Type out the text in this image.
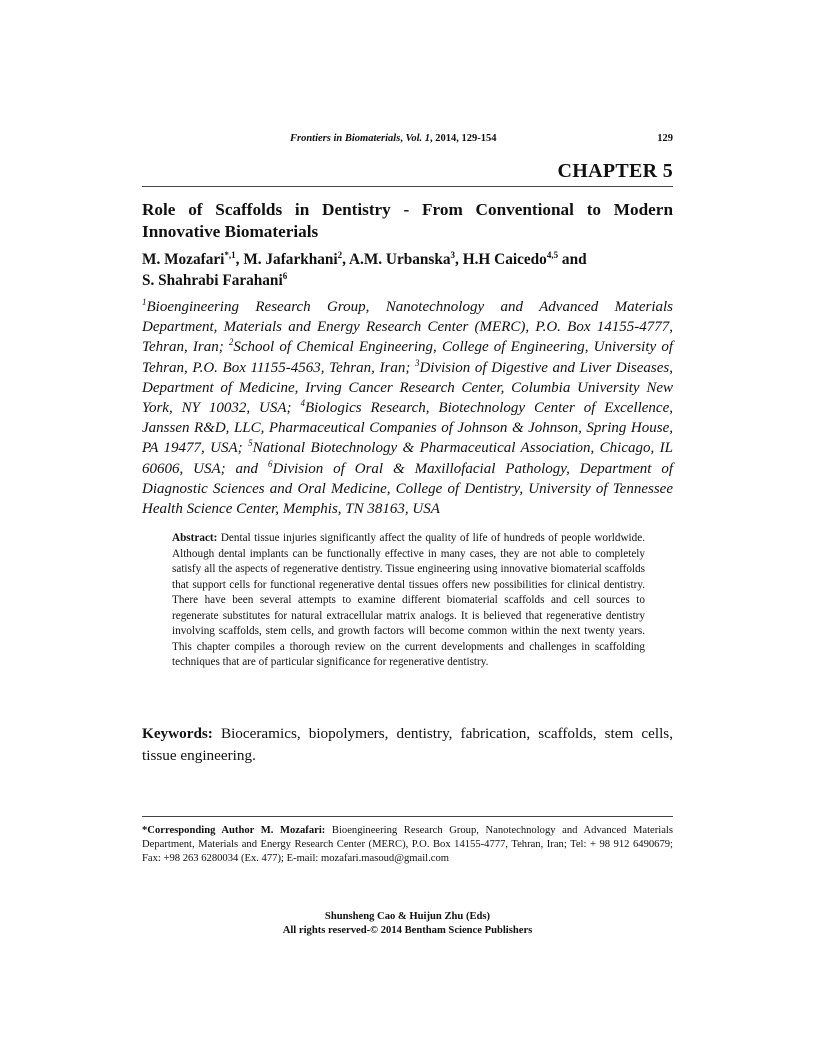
Frontiers in Biomaterials, Vol. 1, 2014, 129-154	129
CHAPTER 5
Role of Scaffolds in Dentistry - From Conventional to Modern Innovative Biomaterials
M. Mozafari$^{*,1}$, M. Jafarkhani$^2$, A.M. Urbanska$^3$, H.H Caicedo$^{4,5}$ and
S. Shahrabi Farahani$^6$
$^1$Bioengineering Research Group, Nanotechnology and Advanced Materials Department, Materials and Energy Research Center (MERC), P.O. Box 14155-4777, Tehran, Iran; $^2$School of Chemical Engineering, College of Engineering, University of Tehran, P.O. Box 11155-4563, Tehran, Iran; $^3$Division of Digestive and Liver Diseases, Department of Medicine, Irving Cancer Research Center, Columbia University New York, NY 10032, USA; $^4$Biologics Research, Biotechnology Center of Excellence, Janssen R&D, LLC, Pharmaceutical Companies of Johnson & Johnson, Spring House, PA 19477, USA; $^5$National Biotechnology & Pharmaceutical Association, Chicago, IL 60606, USA; and $^6$Division of Oral & Maxillofacial Pathology, Department of Diagnostic Sciences and Oral Medicine, College of Dentistry, University of Tennessee Health Science Center, Memphis, TN 38163, USA
Abstract: Dental tissue injuries significantly affect the quality of life of hundreds of people worldwide. Although dental implants can be functionally effective in many cases, they are not able to completely satisfy all the aspects of regenerative dentistry. Tissue engineering using innovative biomaterial scaffolds that support cells for functional regenerative dental tissues offers new possibilities for clinical dentistry. There have been several attempts to examine different biomaterial scaffolds and cell sources to regenerate substitutes for natural extracellular matrix analogs. It is believed that regenerative dentistry involving scaffolds, stem cells, and growth factors will become common within the next twenty years. This chapter compiles a thorough review on the current developments and challenges in scaffolding techniques that are of particular significance for regenerative dentistry.
Keywords: Bioceramics, biopolymers, dentistry, fabrication, scaffolds, stem cells, tissue engineering.
*Corresponding Author M. Mozafari: Bioengineering Research Group, Nanotechnology and Advanced Materials Department, Materials and Energy Research Center (MERC), P.O. Box 14155-4777, Tehran, Iran; Tel: + 98 912 6490679; Fax: +98 263 6280034 (Ex. 477); E-mail: mozafari.masoud@gmail.com
Shunsheng Cao & Huijun Zhu (Eds)
All rights reserved-© 2014 Bentham Science Publishers
